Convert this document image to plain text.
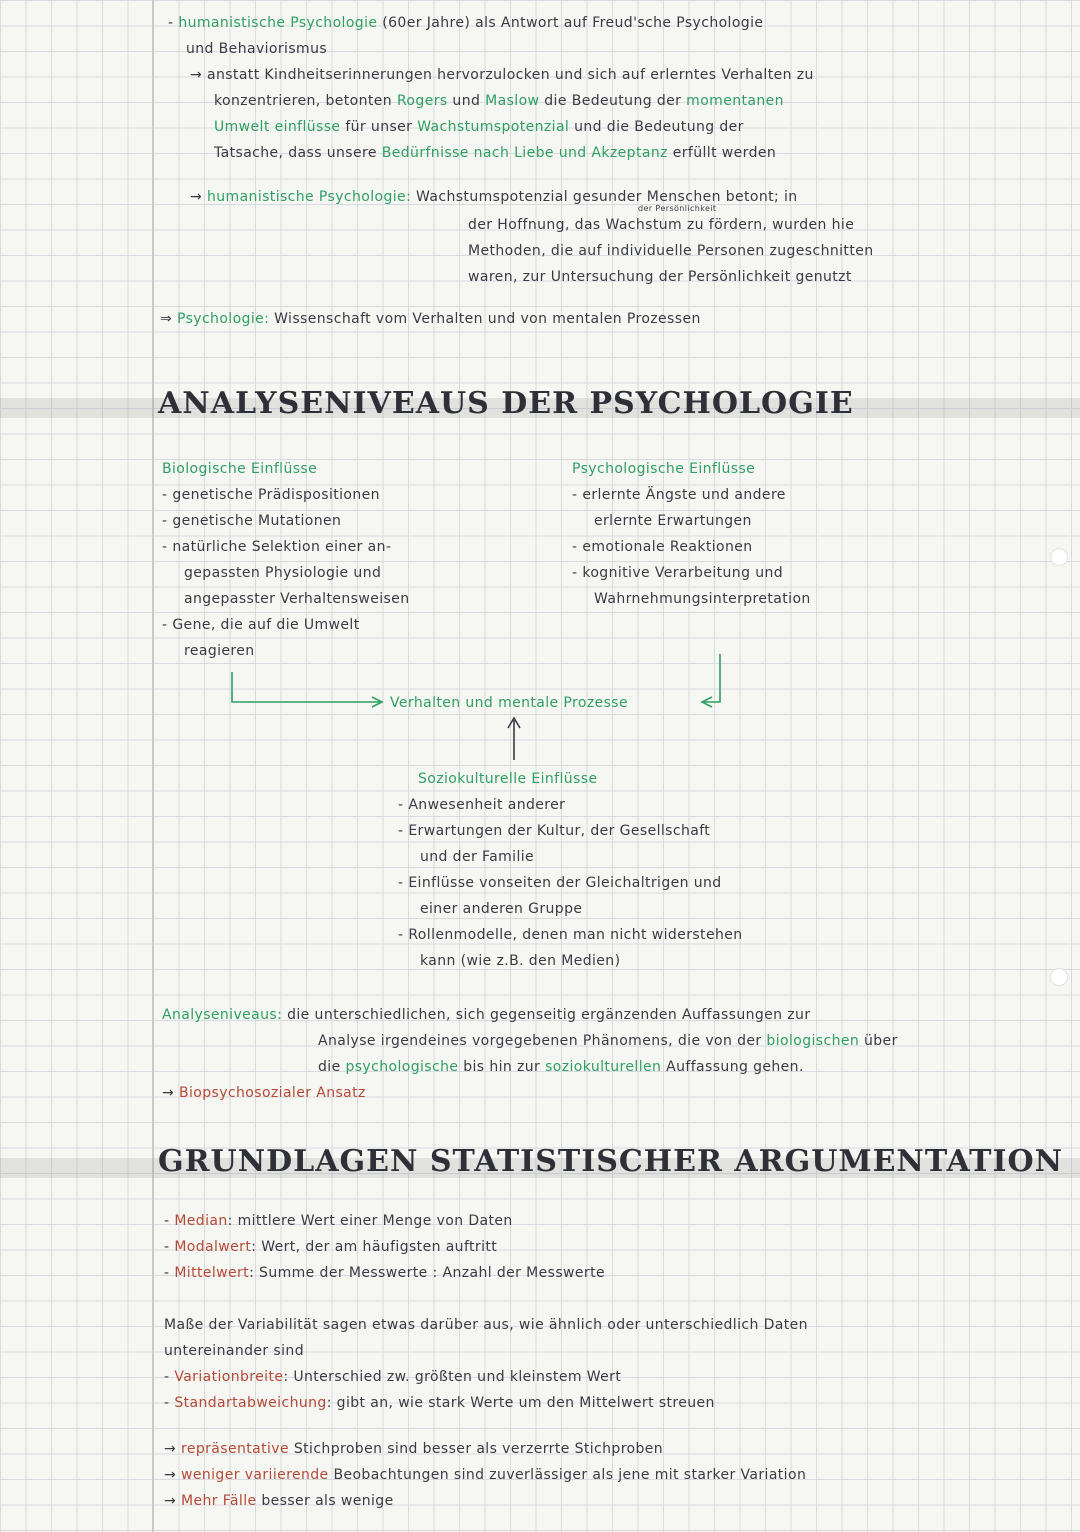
- humanistische Psychologie (60er Jahre) als Antwort auf Freud'sche Psychologie
und Behaviorismus
→ anstatt Kindheitserinnerungen hervorzulocken und sich auf erlerntes Verhalten zu
konzentrieren, betonten Rogers und Maslow die Bedeutung der momentanen
Umwelt einflüsse für unser Wachstumspotenzial und die Bedeutung der
Tatsache, dass unsere Bedürfnisse nach Liebe und Akzeptanz erfüllt werden
→ humanistische Psychologie: Wachstumspotenzial gesunder Menschen betont; in
der Persönlichkeit
der Hoffnung, das Wachstum zu fördern, wurden hie
Methoden, die auf individuelle Personen zugeschnitten
waren, zur Untersuchung der Persönlichkeit genutzt
⇒ Psychologie: Wissenschaft vom Verhalten und von mentalen Prozessen
ANALYSENIVEAUS DER PSYCHOLOGIE
Biologische Einflüsse
- genetische Prädispositionen
- genetische Mutationen
- natürliche Selektion einer an-
gepassten Physiologie und
angepasster Verhaltensweisen
- Gene, die auf die Umwelt
reagieren
Psychologische Einflüsse
- erlernte Ängste und andere
erlernte Erwartungen
- emotionale Reaktionen
- kognitive Verarbeitung und
Wahrnehmungsinterpretation
Verhalten und mentale Prozesse
Soziokulturelle Einflüsse
- Anwesenheit anderer
- Erwartungen der Kultur, der Gesellschaft
und der Familie
- Einflüsse vonseiten der Gleichaltrigen und
einer anderen Gruppe
- Rollenmodelle, denen man nicht widerstehen
kann (wie z.B. den Medien)
Analyseniveaus: die unterschiedlichen, sich gegenseitig ergänzenden Auffassungen zur
Analyse irgendeines vorgegebenen Phänomens, die von der biologischen über
die psychologische bis hin zur soziokulturellen Auffassung gehen.
→ Biopsychosozialer Ansatz
GRUNDLAGEN STATISTISCHER ARGUMENTATION
- Median: mittlere Wert einer Menge von Daten
- Modalwert: Wert, der am häufigsten auftritt
- Mittelwert: Summe der Messwerte : Anzahl der Messwerte
Maße der Variabilität sagen etwas darüber aus, wie ähnlich oder unterschiedlich Daten
untereinander sind
- Variationbreite: Unterschied zw. größten und kleinstem Wert
- Standartabweichung: gibt an, wie stark Werte um den Mittelwert streuen
→ repräsentative Stichproben sind besser als verzerrte Stichproben
→ weniger variierende Beobachtungen sind zuverlässiger als jene mit starker Variation
→ Mehr Fälle besser als wenige
